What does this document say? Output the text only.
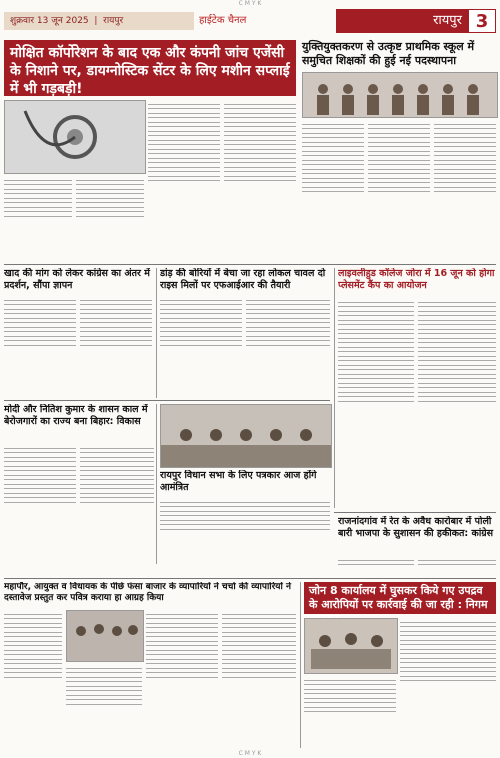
C M Y K
शुक्रवार 13 जून 2025  |  रायपुर	हाईटेक चैनल	रायपुर 3
मोक्षित कॉर्पोरेशन के बाद एक और कंपनी जांच एजेंसी के निशाने पर, डायग्नोस्टिक सेंटर के लिए मशीन सप्लाई में भी गड़बड़ी!
युक्तियुक्तकरण से उत्कृष्ट प्राथमिक स्कूल में समुचित शिक्षकों की हुई नई पदस्थापना
खाद की मांग को लेकर कांग्रेस का अंतर में प्रदर्शन, सौंपा ज्ञापन
डांड़ की बोरियों में बेचा जा रहा लोकल चावल दो राइस मिलों पर एफआईआर की तैयारी
लाइवलीहुड कॉलेज जोरा में 16 जून को होगा प्लेसमेंट कैंप का आयोजन
मोदी और नितिश कुमार के शासन काल में बेरोजगारों का राज्य बना बिहार: विकास
रायपुर विधान सभा के लिए पत्रकार आज होंगे आमंत्रित
राजनांदगांव में रेत के अवैध कारोबार में पोली बारी भाजपा के सुशासन की हकीकत: कांग्रेस
महापौर, आयुक्त व विधायक के पीछे फंसा बाजार के व्यापारियों ने चर्चा की व्यापारियों ने दस्तावेज प्रस्तुत कर पवित्र कराया हा आग्रह किया
जोन 8 कार्यालय में घुसकर किये गए उपद्रव के आरोपियों पर कार्रवाई की जा रही : निगम
C M Y K
